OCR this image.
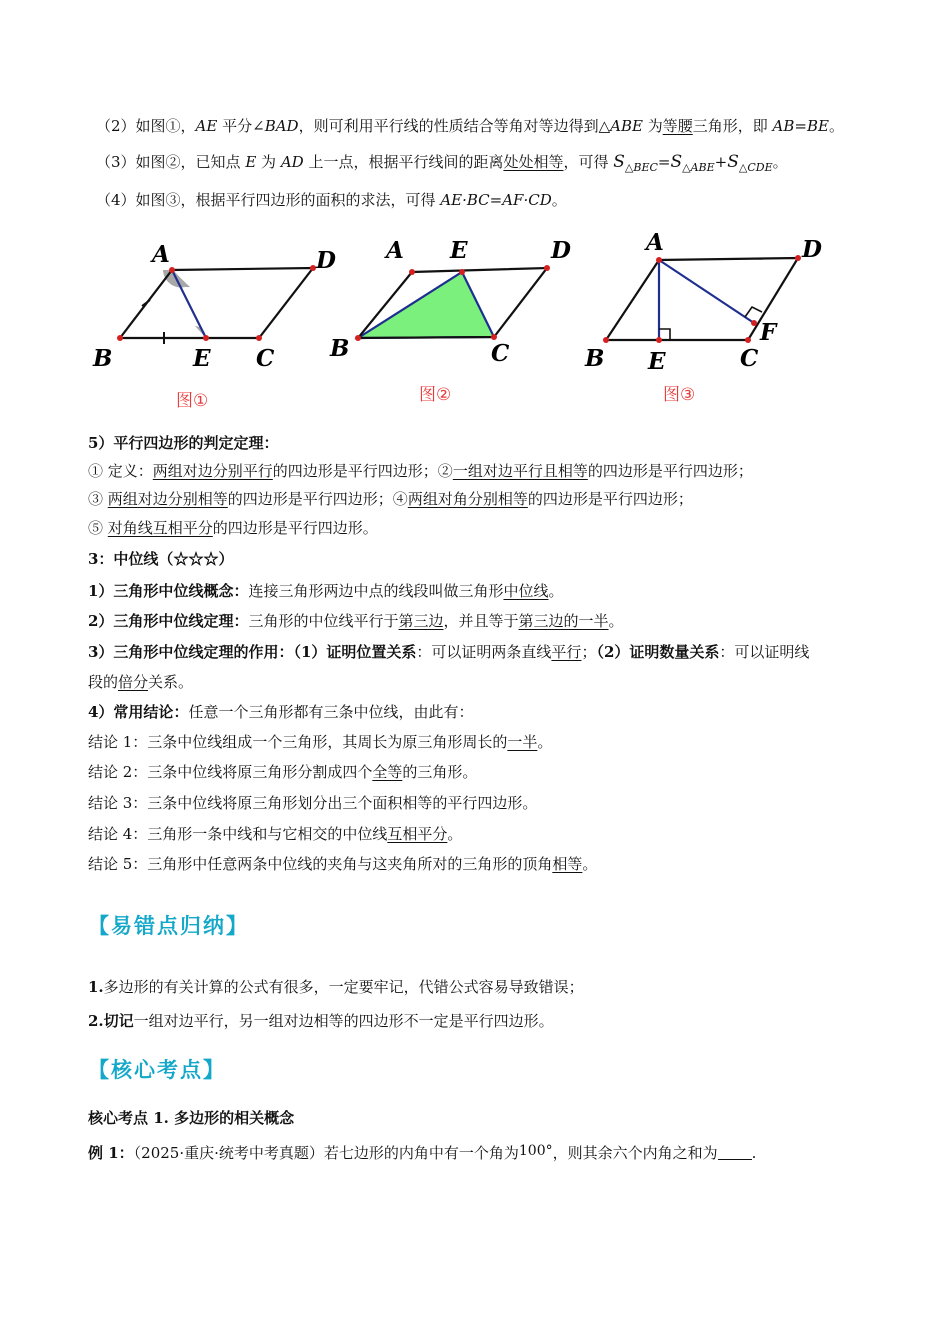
（2）如图①，AE 平分∠BAD，则可利用平行线的性质结合等角对等边得到△ABE 为等腰三角形，即 AB=BE。
（3）如图②，已知点 E 为 AD 上一点，根据平行线间的距离处处相等，可得 $S_{\triangle BEC}=S_{\triangle ABE}+S_{\triangle CDE}$。
（4）如图③，根据平行四边形的面积的求法，可得 AE·BC=AF·CD。
A	D
B	E C
A E	D
B	C
A	D
B E	C
F
图①	图②	图③
5）平行四边形的判定定理：
① 定义：两组对边分别平行的四边形是平行四边形；②一组对边平行且相等的四边形是平行四边形；
③ 两组对边分别相等的四边形是平行四边形；④两组对角分别相等的四边形是平行四边形；
⑤ 对角线互相平分的四边形是平行四边形。
3：中位线（☆☆☆）
1）三角形中位线概念：连接三角形两边中点的线段叫做三角形中位线。
2）三角形中位线定理：三角形的中位线平行于第三边，并且等于第三边的一半。
3）三角形中位线定理的作用：（1）证明位置关系：可以证明两条直线平行；（2）证明数量关系：可以证明线
段的倍分关系。
4）常用结论：任意一个三角形都有三条中位线，由此有：
结论 1：三条中位线组成一个三角形，其周长为原三角形周长的一半。
结论 2：三条中位线将原三角形分割成四个全等的三角形。
结论 3：三条中位线将原三角形划分出三个面积相等的平行四边形。
结论 4：三角形一条中线和与它相交的中位线互相平分。
结论 5：三角形中任意两条中位线的夹角与这夹角所对的三角形的顶角相等。
【易错点归纳】
1.多边形的有关计算的公式有很多，一定要牢记，代错公式容易导致错误；
2.切记一组对边平行，另一组对边相等的四边形不一定是平行四边形。
【核心考点】
核心考点 1. 多边形的相关概念
例 1：（2025·重庆·统考中考真题）若七边形的内角中有一个角为100°，则其余六个内角之和为 .
